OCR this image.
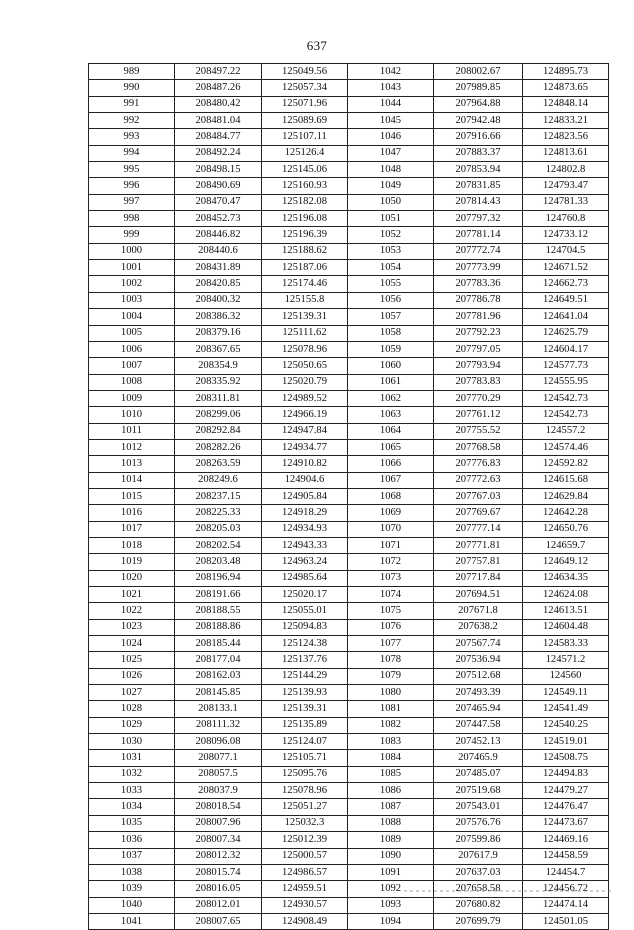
637
989	208497.22	125049.56	1042	208002.67	124895.73
990	208487.26	125057.34	1043	207989.85	124873.65
991	208480.42	125071.96	1044	207964.88	124848.14
992	208481.04	125089.69	1045	207942.48	124833.21
993	208484.77	125107.11	1046	207916.66	124823.56
994	208492.24	125126.4	1047	207883.37	124813.61
995	208498.15	125145.06	1048	207853.94	124802.8
996	208490.69	125160.93	1049	207831.85	124793.47
997	208470.47	125182.08	1050	207814.43	124781.33
998	208452.73	125196.08	1051	207797.32	124760.8
999	208446.82	125196.39	1052	207781.14	124733.12
1000	208440.6	125188.62	1053	207772.74	124704.5
1001	208431.89	125187.06	1054	207773.99	124671.52
1002	208420.85	125174.46	1055	207783.36	124662.73
1003	208400.32	125155.8	1056	207786.78	124649.51
1004	208386.32	125139.31	1057	207781.96	124641.04
1005	208379.16	125111.62	1058	207792.23	124625.79
1006	208367.65	125078.96	1059	207797.05	124604.17
1007	208354.9	125050.65	1060	207793.94	124577.73
1008	208335.92	125020.79	1061	207783.83	124555.95
1009	208311.81	124989.52	1062	207770.29	124542.73
1010	208299.06	124966.19	1063	207761.12	124542.73
1011	208292.84	124947.84	1064	207755.52	124557.2
1012	208282.26	124934.77	1065	207768.58	124574.46
1013	208263.59	124910.82	1066	207776.83	124592.82
1014	208249.6	124904.6	1067	207772.63	124615.68
1015	208237.15	124905.84	1068	207767.03	124629.84
1016	208225.33	124918.29	1069	207769.67	124642.28
1017	208205.03	124934.93	1070	207777.14	124650.76
1018	208202.54	124943.33	1071	207771.81	124659.7
1019	208203.48	124963.24	1072	207757.81	124649.12
1020	208196.94	124985.64	1073	207717.84	124634.35
1021	208191.66	125020.17	1074	207694.51	124624.08
1022	208188.55	125055.01	1075	207671.8	124613.51
1023	208188.86	125094.83	1076	207638.2	124604.48
1024	208185.44	125124.38	1077	207567.74	124583.33
1025	208177.04	125137.76	1078	207536.94	124571.2
1026	208162.03	125144.29	1079	207512.68	124560
1027	208145.85	125139.93	1080	207493.39	124549.11
1028	208133.1	125139.31	1081	207465.94	124541.49
1029	208111.32	125135.89	1082	207447.58	124540.25
1030	208096.08	125124.07	1083	207452.13	124519.01
1031	208077.1	125105.71	1084	207465.9	124508.75
1032	208057.5	125095.76	1085	207485.07	124494.83
1033	208037.9	125078.96	1086	207519.68	124479.27
1034	208018.54	125051.27	1087	207543.01	124476.47
1035	208007.96	125032.3	1088	207576.76	124473.67
1036	208007.34	125012.39	1089	207599.86	124469.16
1037	208012.32	125000.57	1090	207617.9	124458.59
1038	208015.74	124986.57	1091	207637.03	124454.7
1039	208016.05	124959.51	1092	207658.58	124456.72
1040	208012.01	124930.57	1093	207680.82	124474.14
1041	208007.65	124908.49	1094	207699.79	124501.05
